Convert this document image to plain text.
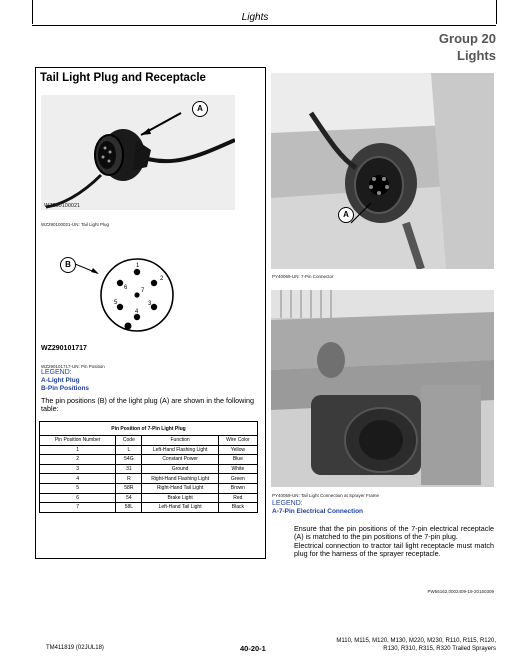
Lights
Group 20
Lights
Tail Light Plug and Receptacle
A
WZ290100021
WZ290100021-UN: Tail Light Plug
B	1
2
3
4
5
6 7
WZ290101717
WZ290101717-UN: Pin Position
LEGEND:
A-Light Plug
B-Pin Positions
The pin positions (B) of the light plug (A) are shown in the following table:
Pin Position of 7-Pin Light Plug			
Pin Position Number	Code	Function	Wire Color
1	L	Left-Hand Flashing Light	Yellow
2	54G	Constant Power	Blue
3	31	Ground	White
4	R	Right-Hand Flashing Light	Green
5	58R	Right-Hand Tail Light	Brown
6	54	Brake Light	Red
7	58L	Left-Hand Tail Light	Black
A
PY40069-UN: 7-Pin Connector
PY40059-UN: Tail Light Connection at Sprayer Frame
LEGEND:
A-7-Pin Electrical Connection
Ensure that the pin positions of the 7-pin electrical receptacle (A) is matched to the pin positions of the 7-pin plug.
Electrical connection to tractor tail light receptacle must match plug for the harness of the sprayer receptacle.
PW56162,0002409-19-20150309
TM411819 (02JUL18)	40-20-1
M110, M115, M120, M130, M220, M230, R110, R115, R120,
R130, R310, R315, R320 Trailed Sprayers
